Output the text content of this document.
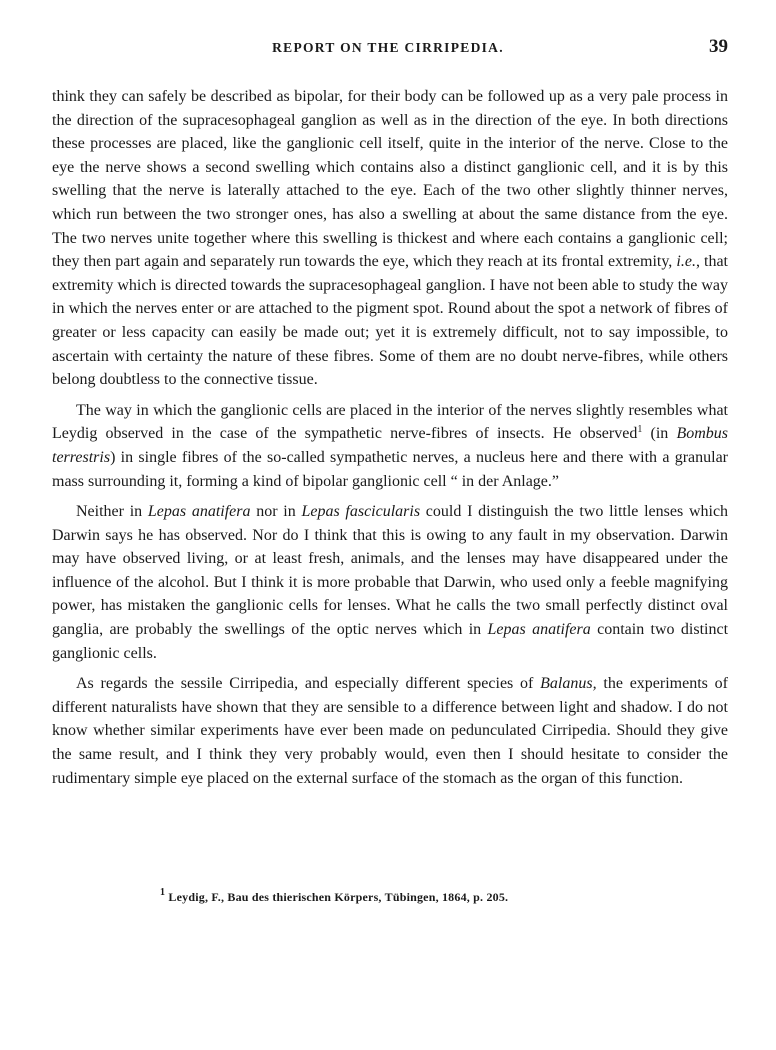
REPORT ON THE CIRRIPEDIA.	39

think they can safely be described as bipolar, for their body can be followed up as a very pale process in the direction of the supracesophageal ganglion as well as in the direction of the eye. In both directions these processes are placed, like the ganglionic cell itself, quite in the interior of the nerve. Close to the eye the nerve shows a second swelling which contains also a distinct ganglionic cell, and it is by this swelling that the nerve is laterally attached to the eye. Each of the two other slightly thinner nerves, which run between the two stronger ones, has also a swelling at about the same distance from the eye. The two nerves unite together where this swelling is thickest and where each contains a ganglionic cell; they then part again and separately run towards the eye, which they reach at its frontal extremity, i.e., that extremity which is directed towards the supracesophageal ganglion. I have not been able to study the way in which the nerves enter or are attached to the pigment spot. Round about the spot a network of fibres of greater or less capacity can easily be made out; yet it is extremely difficult, not to say impossible, to ascertain with certainty the nature of these fibres. Some of them are no doubt nerve-fibres, while others belong doubtless to the connective tissue.

The way in which the ganglionic cells are placed in the interior of the nerves slightly resembles what Leydig observed in the case of the sympathetic nerve-fibres of insects. He observed$^1$ (in Bombus terrestris) in single fibres of the so-called sympathetic nerves, a nucleus here and there with a granular mass surrounding it, forming a kind of bipolar ganglionic cell “ in der Anlage.”

Neither in Lepas anatifera nor in Lepas fascicularis could I distinguish the two little lenses which Darwin says he has observed. Nor do I think that this is owing to any fault in my observation. Darwin may have observed living, or at least fresh, animals, and the lenses may have disappeared under the influence of the alcohol. But I think it is more probable that Darwin, who used only a feeble magnifying power, has mistaken the ganglionic cells for lenses. What he calls the two small perfectly distinct oval ganglia, are probably the swellings of the optic nerves which in Lepas anatifera contain two distinct ganglionic cells.

As regards the sessile Cirripedia, and especially different species of Balanus, the experiments of different naturalists have shown that they are sensible to a difference between light and shadow. I do not know whether similar experiments have ever been made on pedunculated Cirripedia. Should they give the same result, and I think they very probably would, even then I should hesitate to consider the rudimentary simple eye placed on the external surface of the stomach as the organ of this function.

$^1$ Leydig, F., Bau des thierischen Körpers, Tübingen, 1864, p. 205.
